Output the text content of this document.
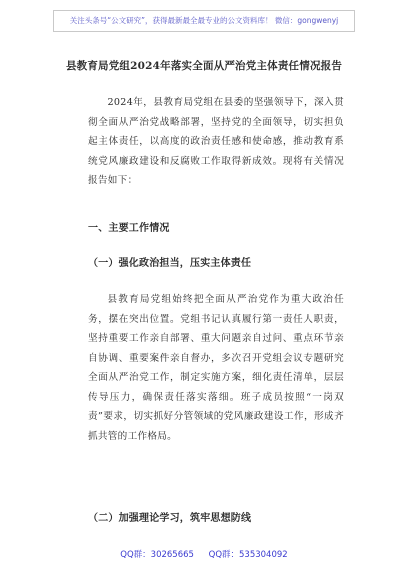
关注头条号“公文研究”，获得最新最全最专业的公文资料库！ 微信：gongwenyj
县教育局党组2024年落实全面从严治党主体责任情况报告

2024年，县教育局党组在县委的坚强领导下，深入贯彻全面从严治党战略部署，坚持党的全面领导，切实担负起主体责任，以高度的政治责任感和使命感，推动教育系统党风廉政建设和反腐败工作取得新成效。现将有关情况报告如下：

一、主要工作情况
（一）强化政治担当，压实主体责任

县教育局党组始终把全面从严治党作为重大政治任务，摆在突出位置。党组书记认真履行第一责任人职责，坚持重要工作亲自部署、重大问题亲自过问、重点环节亲自协调、重要案件亲自督办，多次召开党组会议专题研究全面从严治党工作，制定实施方案，细化责任清单，层层传导压力，确保责任落实落细。班子成员按照“一岗双责”要求，切实抓好分管领域的党风廉政建设工作，形成齐抓共管的工作格局。

（二）加强理论学习，筑牢思想防线
QQ群：30265665 QQ群：535304092
